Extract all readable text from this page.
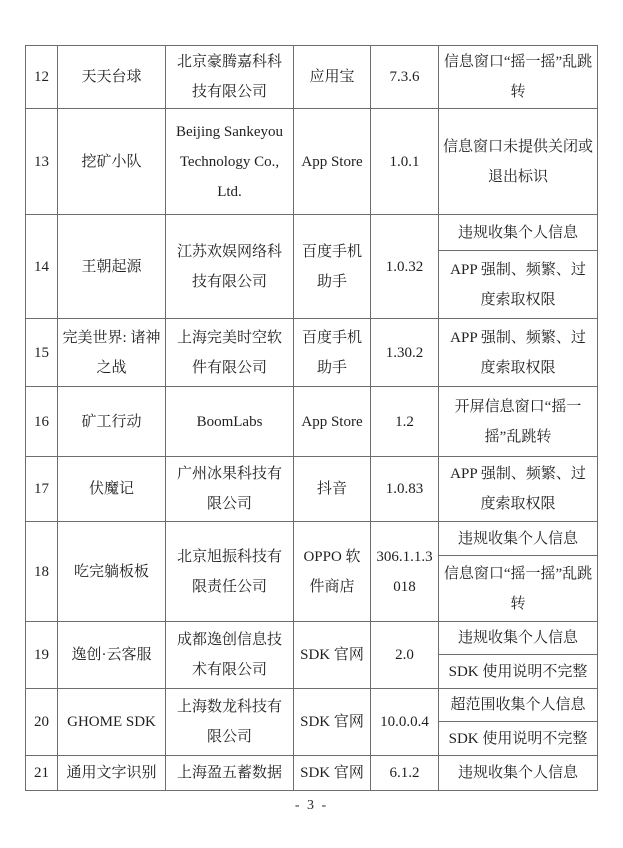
12	天天台球	北京豪腾嘉科科技有限公司	应用宝	7.3.6	信息窗口“摇一摇”乱跳转
13	挖矿小队	Beijing Sankeyou Technology Co., Ltd.	App Store	1.0.1	信息窗口未提供关闭或退出标识
14	王朝起源	江苏欢娱网络科技有限公司	百度手机助手	1.0.32	违规收集个人信息
					APP 强制、频繁、过度索取权限
15	完美世界: 诸神之战	上海完美时空软件有限公司	百度手机助手	1.30.2	APP 强制、频繁、过度索取权限
16	矿工行动	BoomLabs	App Store	1.2	开屏信息窗口“摇一摇”乱跳转
17	伏魔记	广州冰果科技有限公司	抖音	1.0.83	APP 强制、频繁、过度索取权限
18	吃完躺板板	北京旭振科技有限责任公司	OPPO 软件商店	306.1.1.3018	违规收集个人信息
					信息窗口“摇一摇”乱跳转
19	逸创·云客服	成都逸创信息技术有限公司	SDK 官网	2.0	违规收集个人信息
					SDK 使用说明不完整
20	GHOME SDK	上海数龙科技有限公司	SDK 官网	10.0.0.4	超范围收集个人信息
					SDK 使用说明不完整
21	通用文字识别	上海盈五蓄数据	SDK 官网	6.1.2	违规收集个人信息
- 3 -
